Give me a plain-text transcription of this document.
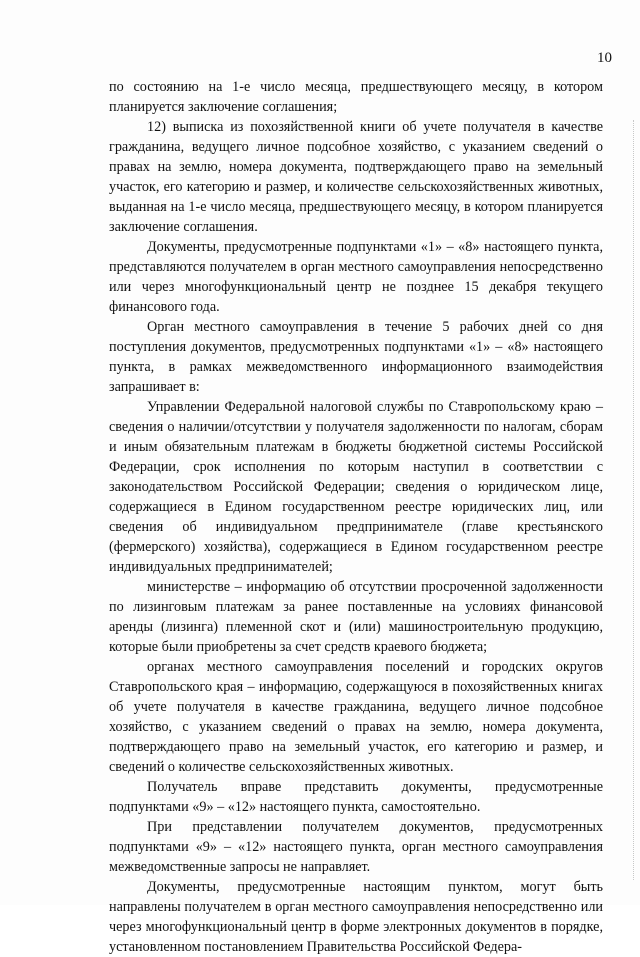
10

по состоянию на 1-е число месяца, предшествующего месяцу, в котором планируется заключение соглашения;

12) выписка из похозяйственной книги об учете получателя в качестве гражданина, ведущего личное подсобное хозяйство, с указанием сведений о правах на землю, номера документа, подтверждающего право на земельный участок, его категорию и размер, и количестве сельскохозяйственных животных, выданная на 1-е число месяца, предшествующего месяцу, в котором планируется заключение соглашения.

Документы, предусмотренные подпунктами «1» – «8» настоящего пункта, представляются получателем в орган местного самоуправления непосредственно или через многофункциональный центр не позднее 15 декабря текущего финансового года.

Орган местного самоуправления в течение 5 рабочих дней со дня поступления документов, предусмотренных подпунктами «1» – «8» настоящего пункта, в рамках межведомственного информационного взаимодействия запрашивает в:

Управлении Федеральной налоговой службы по Ставропольскому краю – сведения о наличии/отсутствии у получателя задолженности по налогам, сборам и иным обязательным платежам в бюджеты бюджетной системы Российской Федерации, срок исполнения по которым наступил в соответствии с законодательством Российской Федерации; сведения о юридическом лице, содержащиеся в Едином государственном реестре юридических лиц, или сведения об индивидуальном предпринимателе (главе крестьянского (фермерского) хозяйства), содержащиеся в Едином государственном реестре индивидуальных предпринимателей;

министерстве – информацию об отсутствии просроченной задолженности по лизинговым платежам за ранее поставленные на условиях финансовой аренды (лизинга) племенной скот и (или) машиностроительную продукцию, которые были приобретены за счет средств краевого бюджета;

органах местного самоуправления поселений и городских округов Ставропольского края – информацию, содержащуюся в похозяйственных книгах об учете получателя в качестве гражданина, ведущего личное подсобное хозяйство, с указанием сведений о правах на землю, номера документа, подтверждающего право на земельный участок, его категорию и размер, и сведений о количестве сельскохозяйственных животных.

Получатель вправе представить документы, предусмотренные подпунктами «9» – «12» настоящего пункта, самостоятельно.

При представлении получателем документов, предусмотренных подпунктами «9» – «12» настоящего пункта, орган местного самоуправления межведомственные запросы не направляет.

Документы, предусмотренные настоящим пунктом, могут быть направлены получателем в орган местного самоуправления непосредственно или через многофункциональный центр в форме электронных документов в порядке, установленном постановлением Правительства Российской Федера-
